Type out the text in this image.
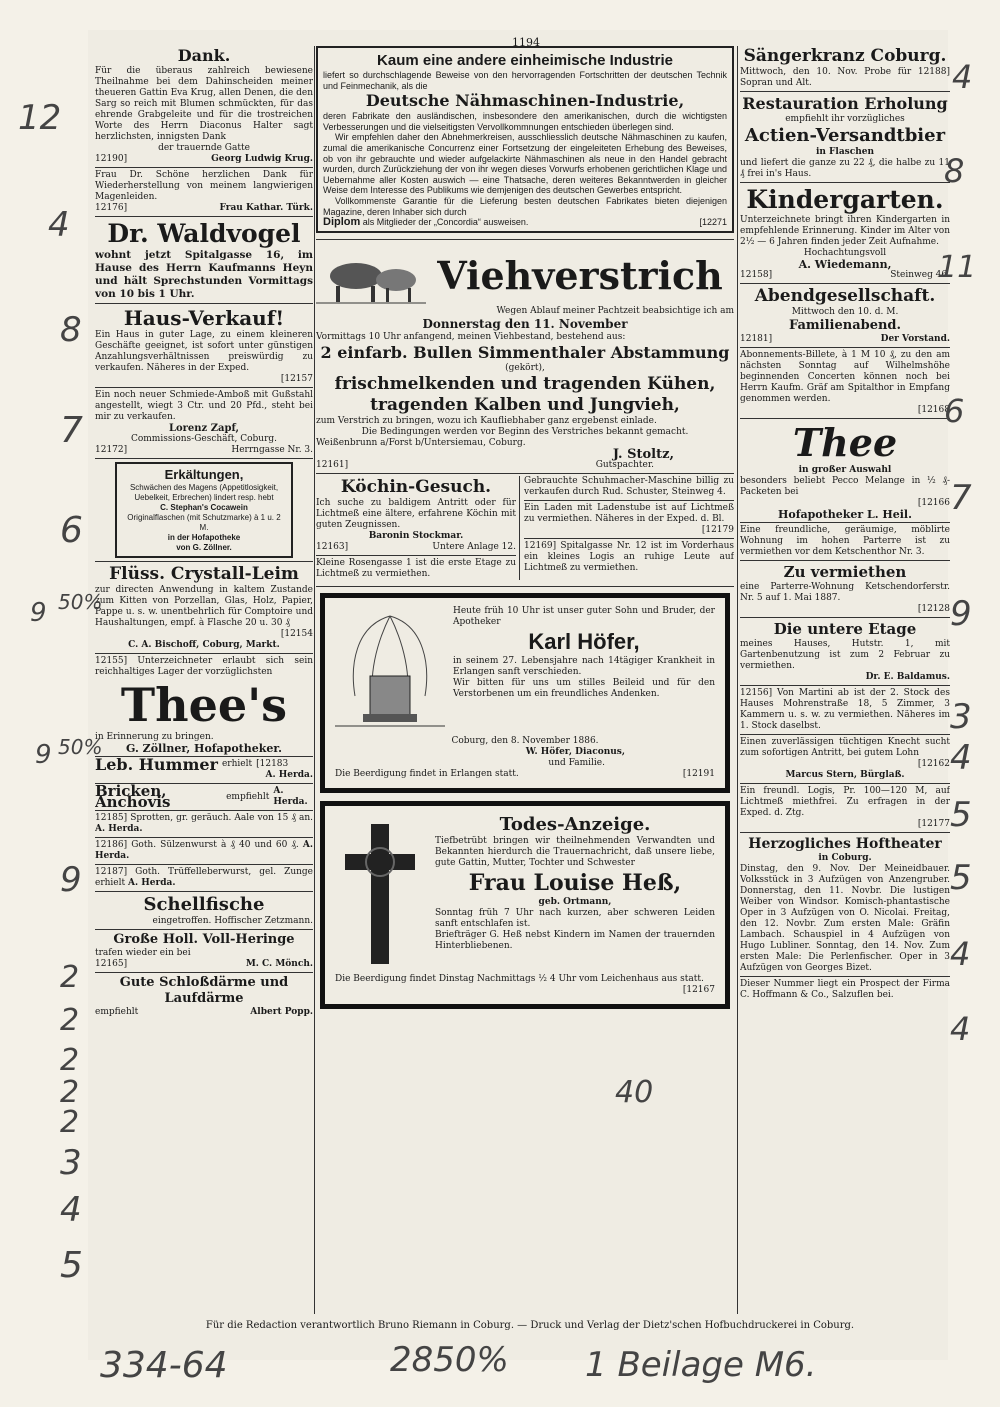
1194
Dank.

Für die überaus zahlreich bewiesene Theilnahme bei dem Dahinscheiden meiner theueren Gattin Eva Krug, allen Denen, die den Sarg so reich mit Blumen schmückten, für das ehrende Grabgeleite und für die trostreichen Worte des Herrn Diaconus Halter sagt herzlichsten, innigsten Dank

der trauernde Gatte

12190]	Georg Ludwig Krug.

Frau Dr. Schöne herzlichen Dank für Wiederherstellung von meinem langwierigen Magenleiden.

12176]	Frau Kathar. Türk.
Dr. Waldvogel

wohnt jetzt Spitalgasse 16, im Hause des Herrn Kaufmanns Heyn und hält Sprechstunden Vormittags von 10 bis 1 Uhr.

Haus-Verkauf!

Ein Haus in guter Lage, zu einem kleineren Geschäfte geeignet, ist sofort unter günstigen Anzahlungsverhältnissen preiswürdig zu verkaufen. Näheres in der Exped.

[12157

Ein noch neuer Schmiede-Amboß mit Gußstahl angestellt, wiegt 3 Ctr. und 20 Pfd., steht bei mir zu verkaufen.

Lorenz Zapf,

Commissions-Geschäft, Coburg.

12172]	Herrngasse Nr. 3.
Erkältungen,

Schwächen des Magens (Appetitlosigkeit, Uebelkeit, Erbrechen) lindert resp. hebt

C. Stephan's Cocawein

Originalflaschen (mit Schutzmarke) à 1 u. 2 M.

in der Hofapotheke

von G. Zöllner.

Flüss. Crystall-Leim

zur directen Anwendung in kaltem Zustande zum Kitten von Porzellan, Glas, Holz, Papier, Pappe u. s. w. unentbehrlich für Comptoire und Haushaltungen, empf. à Flasche 20 u. 30 ₰

[12154

C. A. Bischoff, Coburg, Markt.

12155] Unterzeichneter erlaubt sich sein reichhaltiges Lager der vorzüglichsten

Thee's

in Erinnerung zu bringen.

G. Zöllner, Hofapotheker.

Leb. Hummer erhielt [12183
A. Herda.
Bricken, Anchovis	empfiehlt
A. Herda.
12185] Sprotten, gr. geräuch. Aale von 15 ₰ an. A. Herda.
12186] Goth. Sülzenwurst à ₰ 40 und 60 ₰. A. Herda.
12187] Goth. Trüffelleberwurst, gel. Zunge erhielt A. Herda.
Schellfische

eingetroffen. Hoffischer Zetzmann.

Große Holl. Voll-Heringe

trafen wieder ein bei

12165]	M. C. Mönch.
Gute Schloßdärme und Laufdärme
empfiehlt	Albert Popp.
Kaum eine andere einheimische Industrie

liefert so durchschlagende Beweise von den hervorragenden Fortschritten der deutschen Technik und Feinmechanik, als die

Deutsche Nähmaschinen-Industrie,

deren Fabrikate den ausländischen, insbesondere den amerikanischen, durch die wichtigsten Verbesserungen und die vielseitigsten Vervollkommnungen entschieden überlegen sind.

Wir empfehlen daher den Abnehmerkreisen, ausschliesslich deutsche Nähmaschinen zu kaufen, zumal die amerikanische Concurrenz einer Fortsetzung der eingeleiteten Erhebung des Beweises, ob von ihr gebrauchte und wieder aufgelackirte Nähmaschinen als neue in den Handel gebracht wurden, durch Zurückziehung der von ihr wegen dieses Vorwurfs erhobenen gerichtlichen Klage und Uebernahme aller Kosten auswich — eine Thatsache, deren weiteres Bekanntwerden in gleicher Weise dem Interesse des Publikums wie demjenigen des deutschen Gewerbes entspricht.

Vollkommenste Garantie für die Lieferung besten deutschen Fabrikates bieten diejenigen Magazine, deren Inhaber sich durch

Diplom als Mitglieder der „Concordia“ ausweisen.	[12271
Viehverstrich

Wegen Ablauf meiner Pachtzeit beabsichtige ich am

Donnerstag den 11. November

Vormittags 10 Uhr anfangend, meinen Viehbestand, bestehend aus:

2 einfarb. Bullen Simmenthaler Abstammung

(gekört),

frischmelkenden und tragenden Kühen,

tragenden Kalben und Jungvieh,

zum Verstrich zu bringen, wozu ich Kaufliebhaber ganz ergebenst einlade.

Die Bedingungen werden vor Beginn des Verstriches bekannt gemacht.

Weißenbrunn a/Forst b/Untersiemau, Coburg.

J. Stoltz,

12161]	Gutspachter.
Köchin-Gesuch.

Ich suche zu baldigem Antritt oder für Lichtmeß eine ältere, erfahrene Köchin mit guten Zeugnissen.

Baronin Stockmar.

12163]	Untere Anlage 12.

Kleine Rosengasse 1 ist die erste Etage zu Lichtmeß zu vermiethen.

Gebrauchte Schuhmacher-Maschine billig zu verkaufen durch Rud. Schuster, Steinweg 4.

Ein Laden mit Ladenstube ist auf Lichtmeß zu vermiethen. Näheres in der Exped. d. Bl.

[12179

12169] Spitalgasse Nr. 12 ist im Vorderhaus ein kleines Logis an ruhige Leute auf Lichtmeß zu vermiethen.

Heute früh 10 Uhr ist unser guter Sohn und Bruder, der Apotheker

Karl Höfer,

in seinem 27. Lebensjahre nach 14tägiger Krankheit in Erlangen sanft verschieden.

Wir bitten für uns um stilles Beileid und für den Verstorbenen um ein freundliches Andenken.

Coburg, den 8. November 1886.

W. Höfer, Diaconus,

und Familie.

Die Beerdigung findet in Erlangen statt.	[12191
Todes-Anzeige.

Tiefbetrübt bringen wir theilnehmenden Verwandten und Bekannten hierdurch die Trauernachricht, daß unsere liebe, gute Gattin, Mutter, Tochter und Schwester

Frau Louise Heß,

geb. Ortmann,

Sonntag früh 7 Uhr nach kurzen, aber schweren Leiden sanft entschlafen ist.

Briefträger G. Heß nebst Kindern im Namen der trauernden Hinterbliebenen.

Die Beerdigung findet Dinstag Nachmittags ½ 4 Uhr vom Leichenhaus aus statt.

[12167
Sängerkranz Coburg.

Mittwoch, den 10. Nov. Probe für 12188] Sopran und Alt.

Restauration Erholung

empfiehlt ihr vorzügliches

Actien-Versandtbier

in Flaschen

und liefert die ganze zu 22 ₰, die halbe zu 11 ₰ frei in's Haus.

Kindergarten.

Unterzeichnete bringt ihren Kindergarten in empfehlende Erinnerung. Kinder im Alter von 2½ — 6 Jahren finden jeder Zeit Aufnahme.

Hochachtungsvoll

A. Wiedemann,

12158]	Steinweg 46.
Abendgesellschaft.

Mittwoch den 10. d. M.

Familienabend.
12181]	Der Vorstand.

Abonnements-Billete, à 1 M 10 ₰, zu den am nächsten Sonntag auf Wilhelmshöhe beginnenden Concerten können noch bei Herrn Kaufm. Gräf am Spitalthor in Empfang genommen werden.

[12168
Thee

in großer Auswahl

besonders beliebt Pecco Melange in ½ ₰-Packeten bei

[12166

Hofapotheker L. Heil.

Eine freundliche, geräumige, möblirte Wohnung im hohen Parterre ist zu vermiethen vor dem Ketschenthor Nr. 3.

Zu vermiethen

eine Parterre-Wohnung Ketschendorferstr. Nr. 5 auf 1. Mai 1887.

[12128
Die untere Etage

meines Hauses, Hutstr. 1, mit Gartenbenutzung ist zum 2 Februar zu vermiethen.

Dr. E. Baldamus.

12156] Von Martini ab ist der 2. Stock des Hauses Mohrenstraße 18, 5 Zimmer, 3 Kammern u. s. w. zu vermiethen. Näheres im 1. Stock daselbst.

Einen zuverlässigen tüchtigen Knecht sucht zum sofortigen Antritt, bei gutem Lohn

[12162

Marcus Stern, Bürglaß.

Ein freundl. Logis, Pr. 100—120 M, auf Lichtmeß miethfrei. Zu erfragen in der Exped. d. Ztg.

[12177
Herzogliches Hoftheater

in Coburg.

Dinstag, den 9. Nov. Der Meineidbauer. Volksstück in 3 Aufzügen von Anzengruber. Donnerstag, den 11. Novbr. Die lustigen Weiber von Windsor. Komisch-phantastische Oper in 3 Aufzügen von O. Nicolai. Freitag, den 12. Novbr. Zum ersten Male: Gräfin Lambach. Schauspiel in 4 Aufzügen von Hugo Lubliner. Sonntag, den 14. Nov. Zum ersten Male: Die Perlenfischer. Oper in 3 Aufzügen von Georges Bizet.

Dieser Nummer liegt ein Prospect der Firma C. Hoffmann & Co., Salzuflen bei.

Für die Redaction verantwortlich Bruno Riemann in Coburg. — Druck und Verlag der Dietz'schen Hofbuchdruckerei in Coburg.
12
4
8
7
6
9 50%
9 50%
9
2
2
2
2
2
3
4
5
4
8
11
6
7
9
3
4
5
5
4
4
40
334-64	2850% 1 Beilage M6.
